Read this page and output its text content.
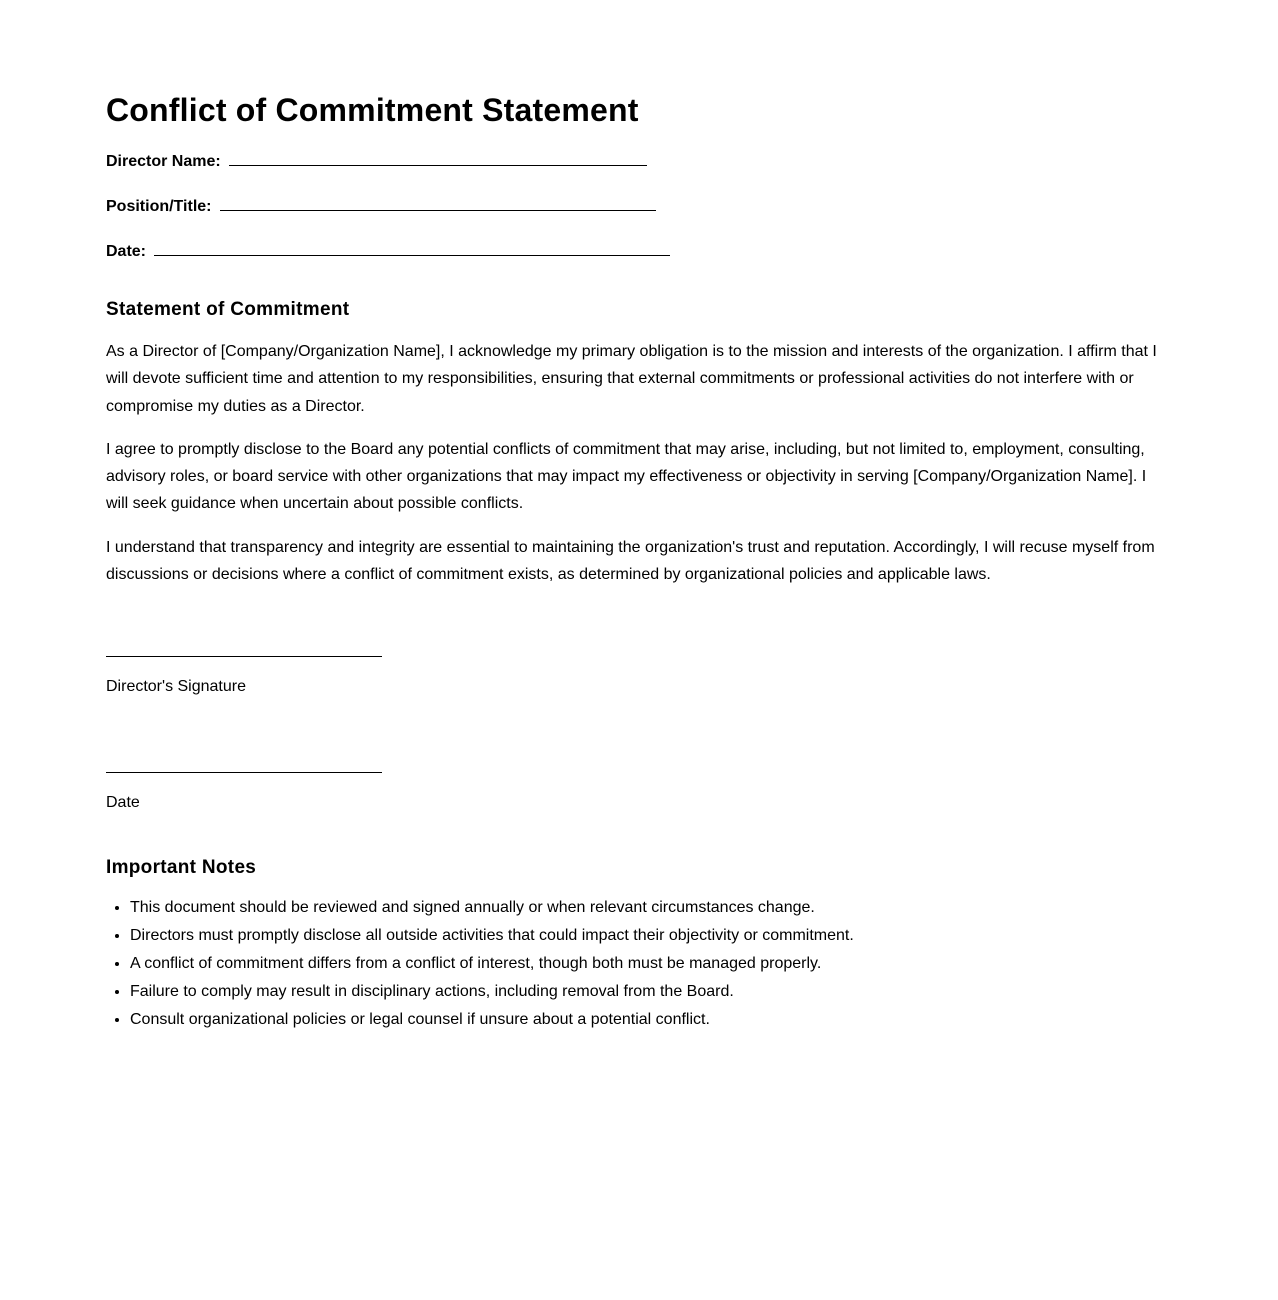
Conflict of Commitment Statement
Director Name:
Position/Title:
Date:
Statement of Commitment

As a Director of [Company/Organization Name], I acknowledge my primary obligation is to the mission and interests of the organization. I affirm that I will devote sufficient time and attention to my responsibilities, ensuring that external commitments or professional activities do not interfere with or compromise my duties as a Director.

I agree to promptly disclose to the Board any potential conflicts of commitment that may arise, including, but not limited to, employment, consulting, advisory roles, or board service with other organizations that may impact my effectiveness or objectivity in serving [Company/Organization Name]. I will seek guidance when uncertain about possible conflicts.

I understand that transparency and integrity are essential to maintaining the organization's trust and reputation. Accordingly, I will recuse myself from discussions or decisions where a conflict of commitment exists, as determined by organizational policies and applicable laws.

Director's Signature
Date
Important Notes
• This document should be reviewed and signed annually or when relevant circumstances change.
• Directors must promptly disclose all outside activities that could impact their objectivity or commitment.
• A conflict of commitment differs from a conflict of interest, though both must be managed properly.
• Failure to comply may result in disciplinary actions, including removal from the Board.
• Consult organizational policies or legal counsel if unsure about a potential conflict.
